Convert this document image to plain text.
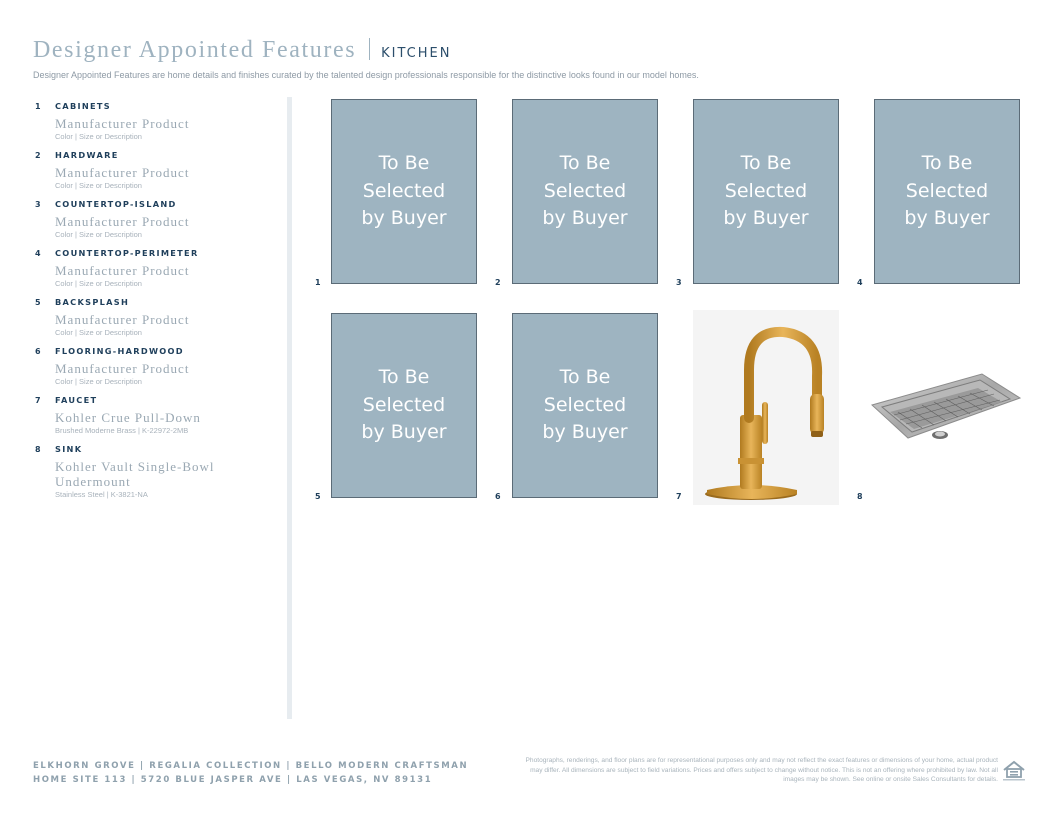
Designer Appointed Features KITCHEN
Designer Appointed Features are home details and finishes curated by the talented design professionals responsible for the distinctive looks found in our model homes.
1	CABINETS
Manufacturer Product
Color | Size or Description
2	HARDWARE
Manufacturer Product
Color | Size or Description
3	COUNTERTOP-ISLAND
Manufacturer Product
Color | Size or Description
4	COUNTERTOP-PERIMETER
Manufacturer Product
Color | Size or Description
5	BACKSPLASH
Manufacturer Product
Color | Size or Description
6	FLOORING-HARDWOOD
Manufacturer Product
Color | Size or Description
7	FAUCET
Kohler Crue Pull-Down
Brushed Moderne Brass | K-22972-2MB
8	SINK
Kohler Vault Single-Bowl Undermount
Stainless Steel | K-3821-NA
1
To Be
Selected
by Buyer
2
To Be
Selected
by Buyer
3
To Be
Selected
by Buyer
4
To Be
Selected
by Buyer
5
To Be
Selected
by Buyer
6
To Be
Selected
by Buyer
7	8
ELKHORN GROVE | REGALIA COLLECTION | BELLO MODERN CRAFTSMAN
HOME SITE 113 | 5720 BLUE JASPER AVE | LAS VEGAS, NV 89131
Photographs, renderings, and floor plans are for representational purposes only and may not reflect the exact features or dimensions of your home, actual product may differ. All dimensions are subject to field variations. Prices and offers subject to change without notice. This is not an offering where prohibited by law. Not all images may be shown. See online or onsite Sales Consultants for details.
